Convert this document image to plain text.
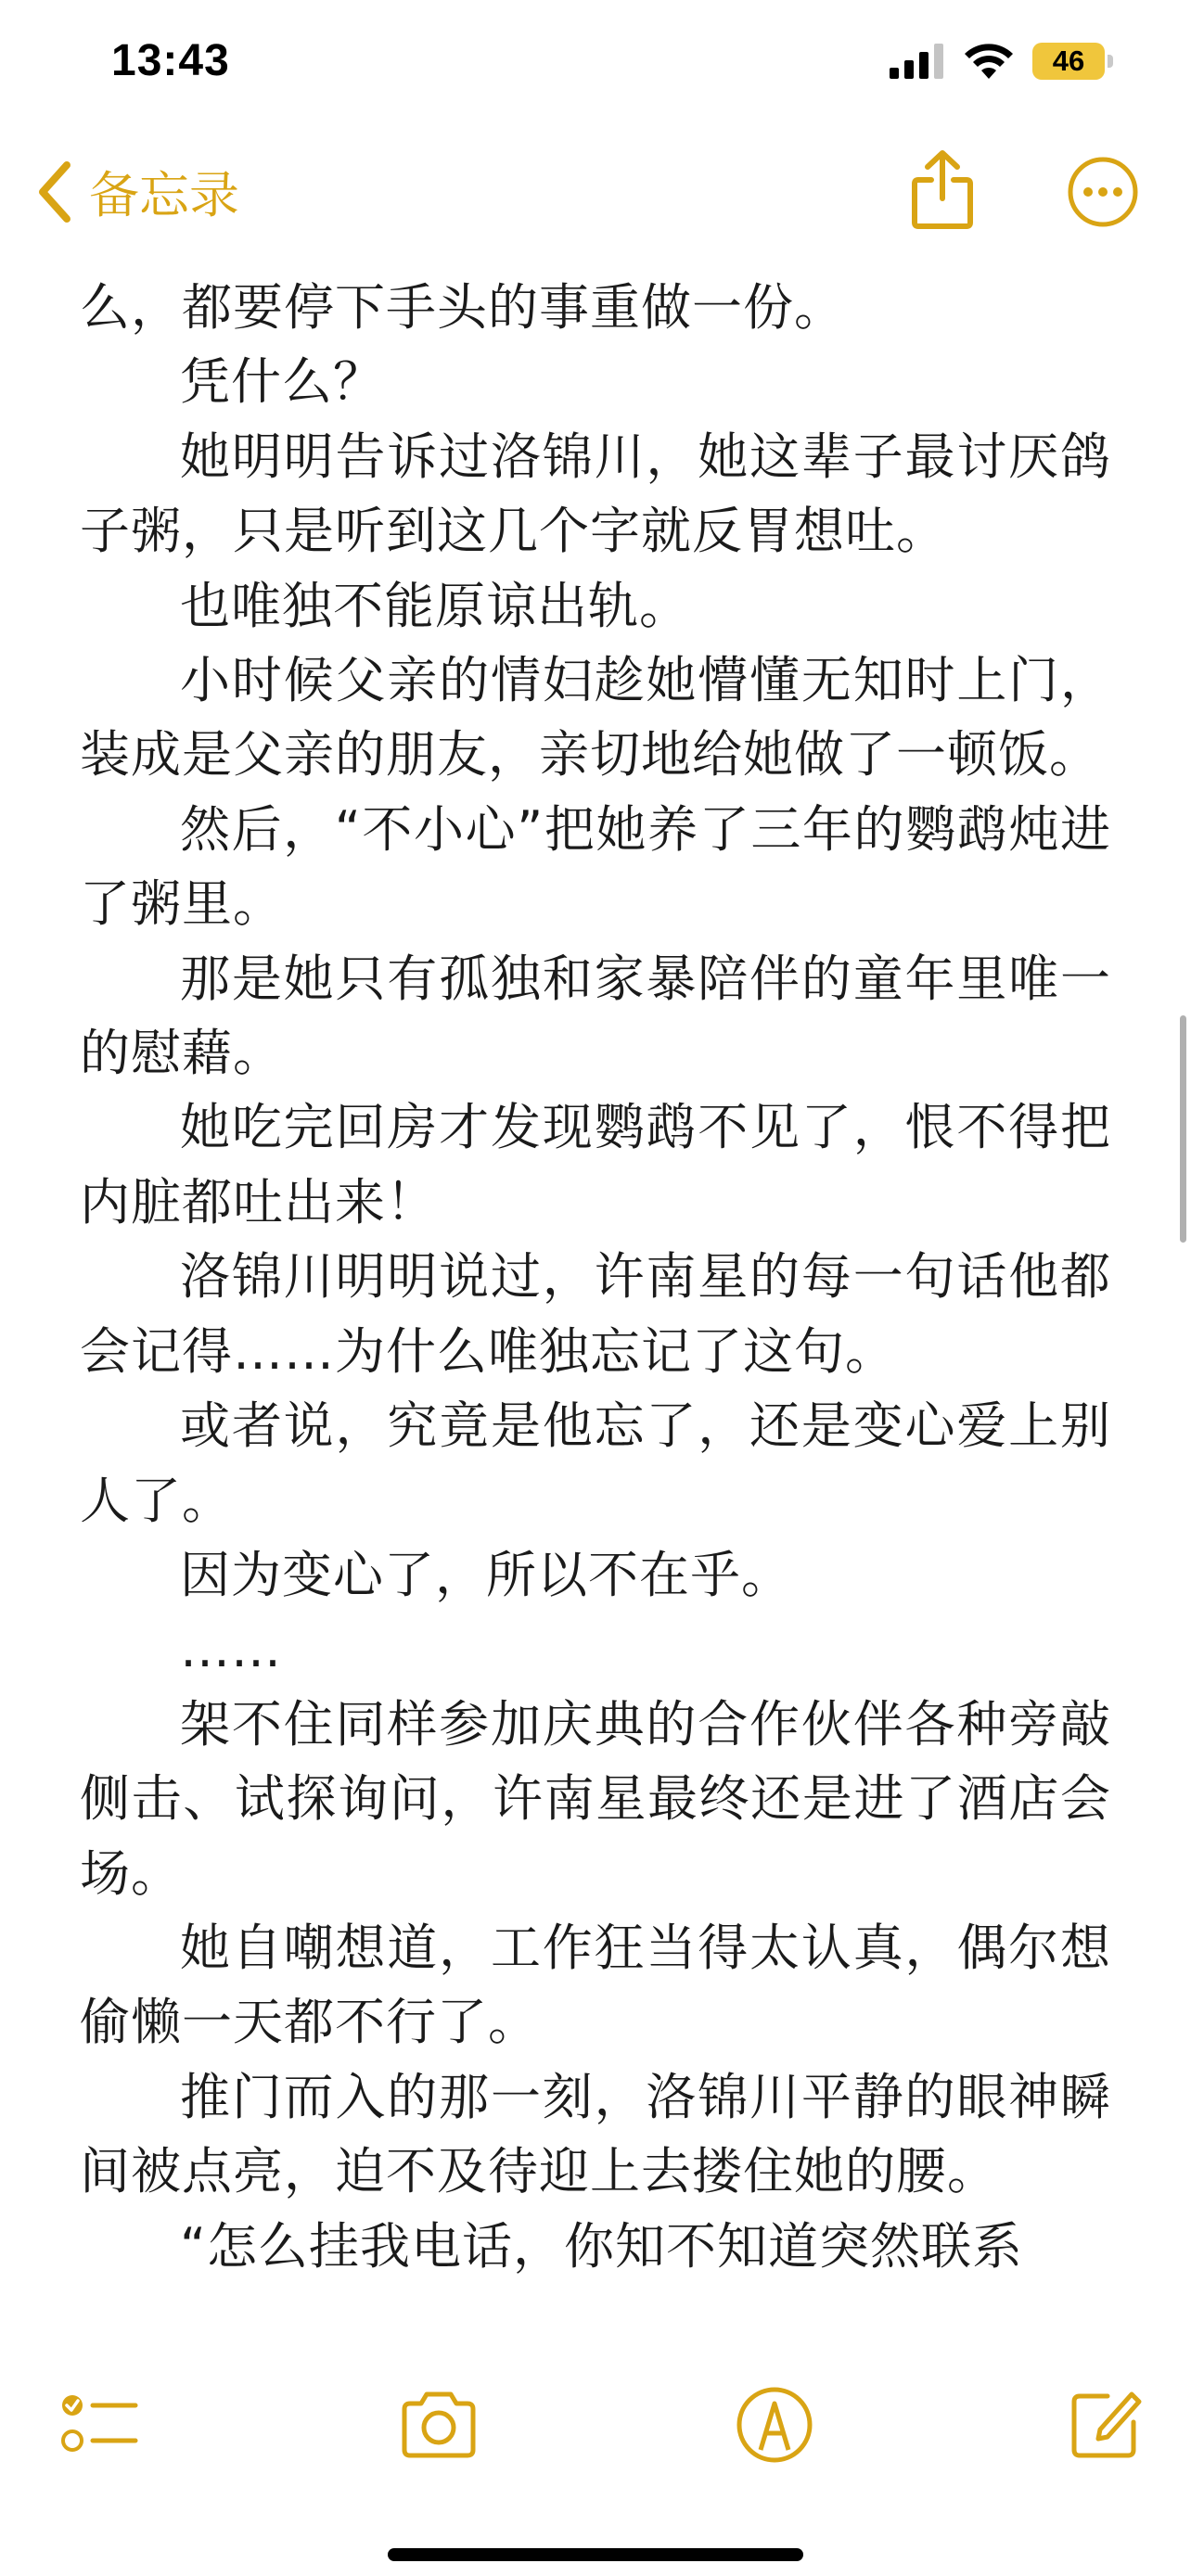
13:43	46
备忘录

么，都要停下手头的事重做一份。

凭什么？

她明明告诉过洛锦川，她这辈子最讨厌鸽子粥，只是听到这几个字就反胃想吐。

也唯独不能原谅出轨。

小时候父亲的情妇趁她懵懂无知时上门，装成是父亲的朋友，亲切地给她做了一顿饭。

然后，“不小心”把她养了三年的鹦鹉炖进了粥里。

那是她只有孤独和家暴陪伴的童年里唯一的慰藉。

她吃完回房才发现鹦鹉不见了，恨不得把内脏都吐出来！

洛锦川明明说过，许南星的每一句话他都会记得……为什么唯独忘记了这句。

或者说，究竟是他忘了，还是变心爱上别人了。

因为变心了，所以不在乎。

……

架不住同样参加庆典的合作伙伴各种旁敲侧击、试探询问，许南星最终还是进了酒店会场。

她自嘲想道，工作狂当得太认真，偶尔想偷懒一天都不行了。

推门而入的那一刻，洛锦川平静的眼神瞬间被点亮，迫不及待迎上去搂住她的腰。

“怎么挂我电话，你知不知道突然联系
